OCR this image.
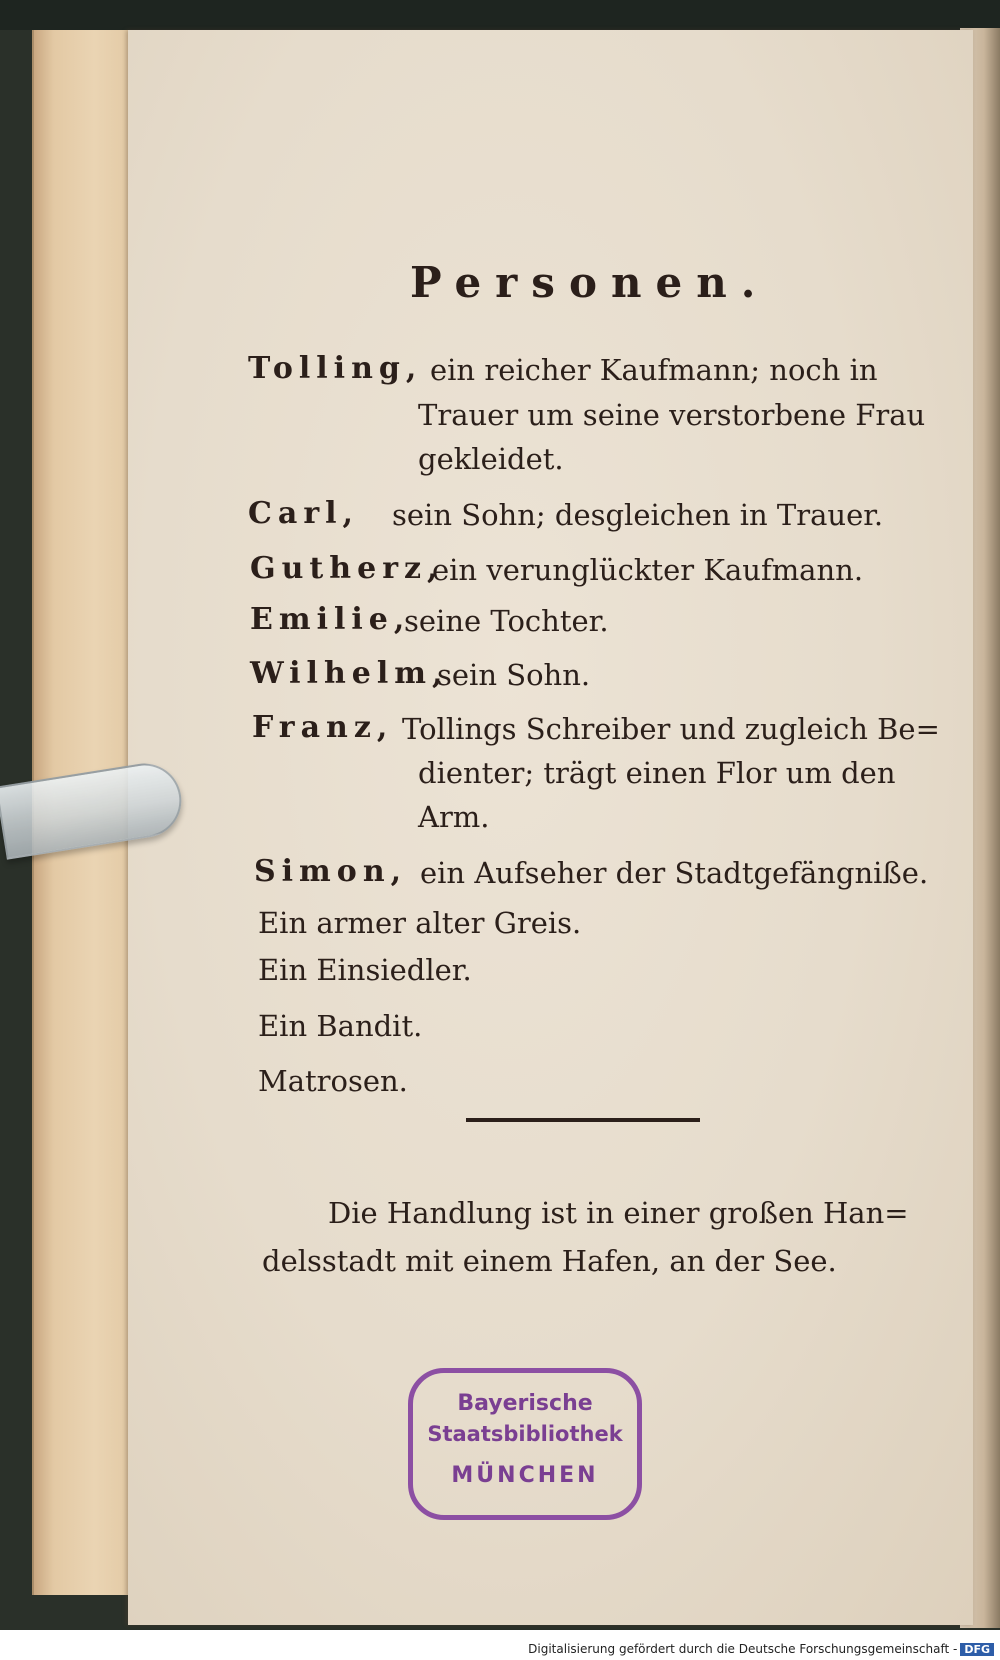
Personen.
Tolling, ein reicher Kaufmann; noch in
Trauer um seine verstorbene Frau
gekleidet.
Carl, sein Sohn; desgleichen in Trauer.
Gutherz,
ein verunglückter Kaufmann.
Emilie,
seine Tochter.
Wilhelm,
sein Sohn.
Franz, Tollings Schreiber und zugleich Be=
dienter; trägt einen Flor um den
Arm.
Simon, ein Aufseher der Stadtgefängniße.
Ein armer alter Greis.
Ein Einsiedler.
Ein Bandit.
Matrosen.
Die Handlung ist in einer großen Han=
delsstadt mit einem Hafen, an der See.
Bayerische
Staatsbibliothek
MÜNCHEN
Digitalisierung gefördert durch die Deutsche Forschungsgemeinschaft - DFG
